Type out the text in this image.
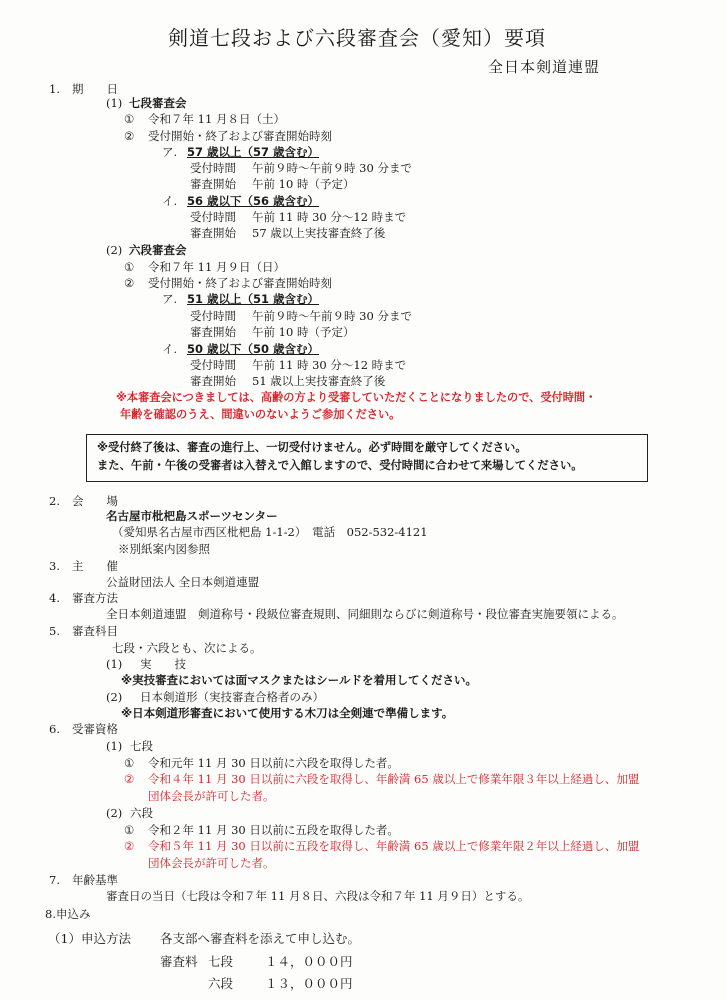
剣道七段および六段審査会（愛知）要項
全日本剣道連盟
1. 期　　日
(1) 七段審査会
① 令和７年 11 月８日（土）
② 受付開始・終了および審査開始時刻
ア. 57 歳以上（57 歳含む）
受付時間 午前９時～午前９時 30 分まで
審査開始 午前 10 時（予定）
イ. 56 歳以下（56 歳含む）
受付時間 午前 11 時 30 分～12 時まで
審査開始 57 歳以上実技審査終了後
(2) 六段審査会
① 令和７年 11 月９日（日）
② 受付開始・終了および審査開始時刻
ア. 51 歳以上（51 歳含む）
受付時間 午前９時～午前９時 30 分まで
審査開始 午前 10 時（予定）
イ. 50 歳以下（50 歳含む）
受付時間 午前 11 時 30 分～12 時まで
審査開始 51 歳以上実技審査終了後
※本審査会につきましては、高齢の方より受審していただくことになりましたので、受付時間・
年齢を確認のうえ、間違いのないようご参加ください。
※受付終了後は、審査の進行上、一切受付けません。必ず時間を厳守してください。
また、午前・午後の受審者は入替えで入館しますので、受付時間に合わせて来場してください。
2. 会　　場
名古屋市枇杷島スポーツセンター
（愛知県名古屋市西区枇杷島 1-1-2）　電話　052-532-4121
※別紙案内図参照
3. 主　　催
公益財団法人 全日本剣道連盟
4. 審査方法
全日本剣道連盟　剣道称号・段級位審査規則、同細則ならびに剣道称号・段位審査実施要領による。
5. 審査科目
七段・六段とも、次による。
(1) 実　　技
※実技審査においては面マスクまたはシールドを着用してください。
(2) 日本剣道形（実技審査合格者のみ）
※日本剣道形審査において使用する木刀は全剣連で準備します。
6. 受審資格
(1) 七段
① 令和元年 11 月 30 日以前に六段を取得した者。
② 令和４年 11 月 30 日以前に六段を取得し、年齢満 65 歳以上で修業年限３年以上経過し、加盟
団体会長が許可した者。
(2) 六段
① 令和２年 11 月 30 日以前に五段を取得した者。
② 令和５年 11 月 30 日以前に五段を取得し、年齢満 65 歳以上で修業年限２年以上経過し、加盟
団体会長が許可した者。
7. 年齢基準
審査日の当日（七段は令和７年 11 月８日、六段は令和７年 11 月９日）とする。
8.申込み
（1）申込方法 各支部へ審査料を添えて申し込む。
審査料 七段	１４，０００円
六段	１３，０００円
